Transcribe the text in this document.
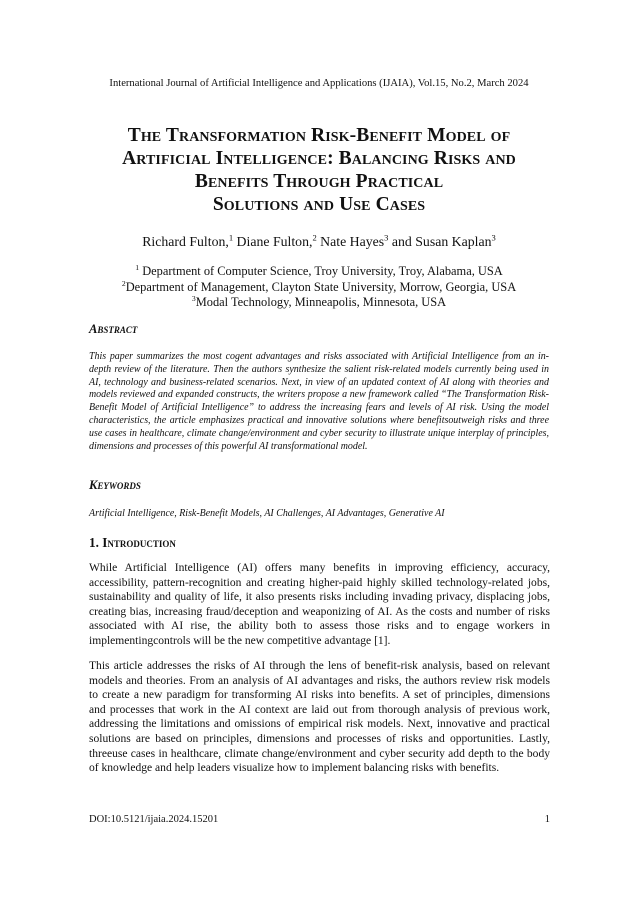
International Journal of Artificial Intelligence and Applications (IJAIA), Vol.15, No.2, March 2024
The Transformation Risk-Benefit Model of
Artificial Intelligence: Balancing Risks and
Benefits Through Practical
Solutions and Use Cases
Richard Fulton,$^1$ Diane Fulton,$^2$ Nate Hayes$^3$ and Susan Kaplan$^3$
$^1$ Department of Computer Science, Troy University, Troy, Alabama, USA
$^2$Department of Management, Clayton State University, Morrow, Georgia, USA
$^3$Modal Technology, Minneapolis, Minnesota, USA
Abstract
This paper summarizes the most cogent advantages and risks associated with Artificial Intelligence from an in-depth review of the literature. Then the authors synthesize the salient risk-related models currently being used in AI, technology and business-related scenarios. Next, in view of an updated context of AI along with theories and models reviewed and expanded constructs, the writers propose a new framework called “The Transformation Risk-Benefit Model of Artificial Intelligence” to address the increasing fears and levels of AI risk. Using the model characteristics, the article emphasizes practical and innovative solutions where benefitsoutweigh risks and three use cases in healthcare, climate change/environment and cyber security to illustrate unique interplay of principles, dimensions and processes of this powerful AI transformational model.
Keywords
Artificial Intelligence, Risk-Benefit Models, AI Challenges, AI Advantages, Generative AI
1. Introduction
While Artificial Intelligence (AI) offers many benefits in improving efficiency, accuracy, accessibility, pattern-recognition and creating higher-paid highly skilled technology-related jobs, sustainability and quality of life, it also presents risks including invading privacy, displacing jobs, creating bias, increasing fraud/deception and weaponizing of AI. As the costs and number of risks associated with AI rise, the ability both to assess those risks and to engage workers in implementingcontrols will be the new competitive advantage [1].
This article addresses the risks of AI through the lens of benefit-risk analysis, based on relevant models and theories. From an analysis of AI advantages and risks, the authors review risk models to create a new paradigm for transforming AI risks into benefits. A set of principles, dimensions and processes that work in the AI context are laid out from thorough analysis of previous work, addressing the limitations and omissions of empirical risk models. Next, innovative and practical solutions are based on principles, dimensions and processes of risks and opportunities. Lastly, threeuse cases in healthcare, climate change/environment and cyber security add depth to the body of knowledge and help leaders visualize how to implement balancing risks with benefits.
DOI:10.5121/ijaia.2024.15201	1
